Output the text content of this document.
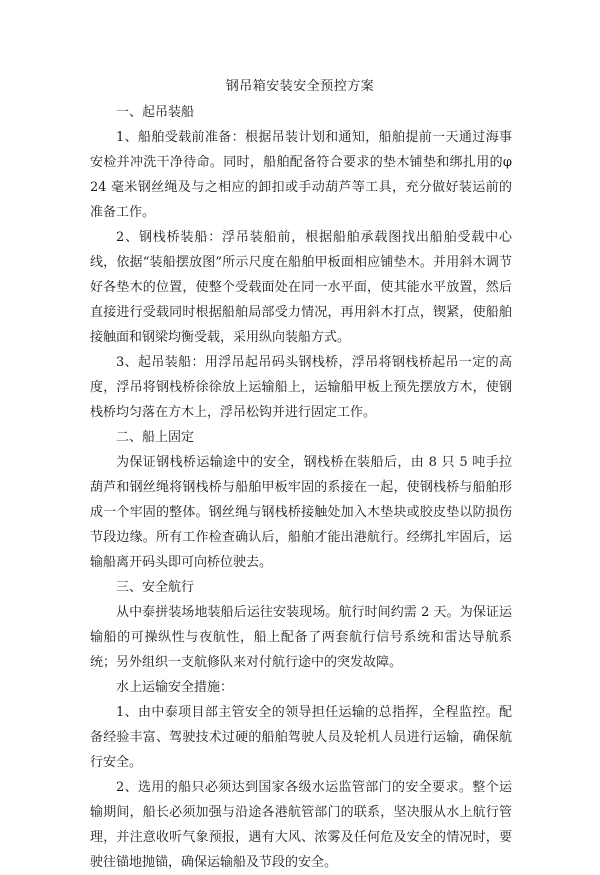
钢吊箱安装安全预控方案

一、起吊装船

1、船舶受载前准备：根据吊装计划和通知，船舶提前一天通过海事安检并冲洗干净待命。同时，船舶配备符合要求的垫木铺垫和绑扎用的φ 24 毫米钢丝绳及与之相应的卸扣或手动葫芦等工具，充分做好装运前的准备工作。

2、钢栈桥装船：浮吊装船前，根据船舶承载图找出船舶受载中心线，依据“装船摆放图”所示尺度在船舶甲板面相应铺垫木。并用斜木调节好各垫木的位置，使整个受载面处在同一水平面，使其能水平放置，然后直接进行受载同时根据船舶局部受力情况，再用斜木打点，锲紧，使船舶接触面和钢梁均衡受载，采用纵向装船方式。

3、起吊装船：用浮吊起吊码头钢栈桥，浮吊将钢栈桥起吊一定的高度，浮吊将钢栈桥徐徐放上运输船上，运输船甲板上预先摆放方木，使钢栈桥均匀落在方木上，浮吊松钩并进行固定工作。

二、船上固定

为保证钢栈桥运输途中的安全，钢栈桥在装船后，由 8 只 5 吨手拉葫芦和钢丝绳将钢栈桥与船舶甲板牢固的系接在一起，使钢栈桥与船舶形成一个牢固的整体。钢丝绳与钢栈桥接触处加入木垫块或胶皮垫以防损伤节段边缘。所有工作检查确认后，船舶才能出港航行。经绑扎牢固后，运输船离开码头即可向桥位驶去。

三、安全航行

从中泰拼装场地装船后运往安装现场。航行时间约需 2 天。为保证运输船的可操纵性与夜航性，船上配备了两套航行信号系统和雷达导航系统；另外组织一支航修队来对付航行途中的突发故障。

水上运输安全措施：

1、由中泰项目部主管安全的领导担任运输的总指挥，全程监控。配备经验丰富、驾驶技术过硬的船舶驾驶人员及轮机人员进行运输，确保航行安全。

2、选用的船只必须达到国家各级水运监管部门的安全要求。整个运输期间，船长必须加强与沿途各港航管部门的联系，坚决服从水上航行管理，并注意收听气象预报，遇有大风、浓雾及任何危及安全的情况时，要驶往锚地抛锚，确保运输船及节段的安全。
